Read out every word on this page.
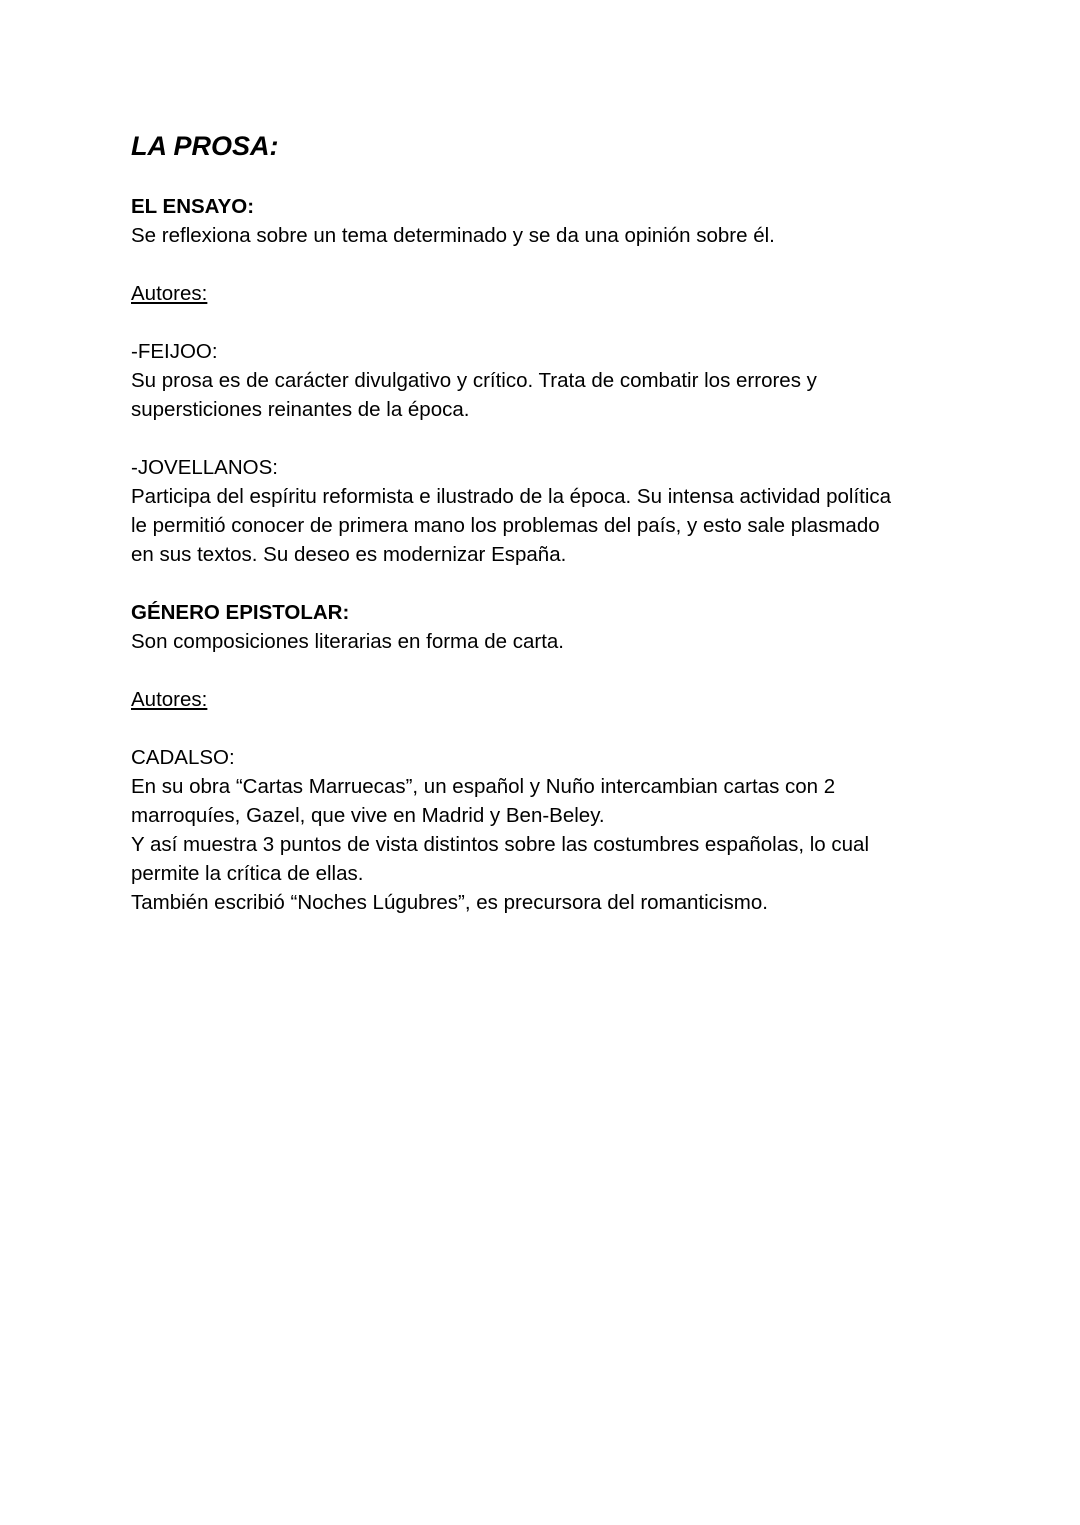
LA PROSA:
EL ENSAYO:
Se reflexiona sobre un tema determinado y se da una opinión sobre él.
Autores:
-FEIJOO:
Su prosa es de carácter divulgativo y crítico. Trata de combatir los errores y
supersticiones reinantes de la época.
-JOVELLANOS:
Participa del espíritu reformista e ilustrado de la época. Su intensa actividad política
le permitió conocer de primera mano los problemas del país, y esto sale plasmado
en sus textos. Su deseo es modernizar España.
GÉNERO EPISTOLAR:
Son composiciones literarias en forma de carta.
Autores:
CADALSO:
En su obra “Cartas Marruecas”, un español y Nuño intercambian cartas con 2
marroquíes, Gazel, que vive en Madrid y Ben-Beley.
Y así muestra 3 puntos de vista distintos sobre las costumbres españolas, lo cual
permite la crítica de ellas.
También escribió “Noches Lúgubres”, es precursora del romanticismo.
